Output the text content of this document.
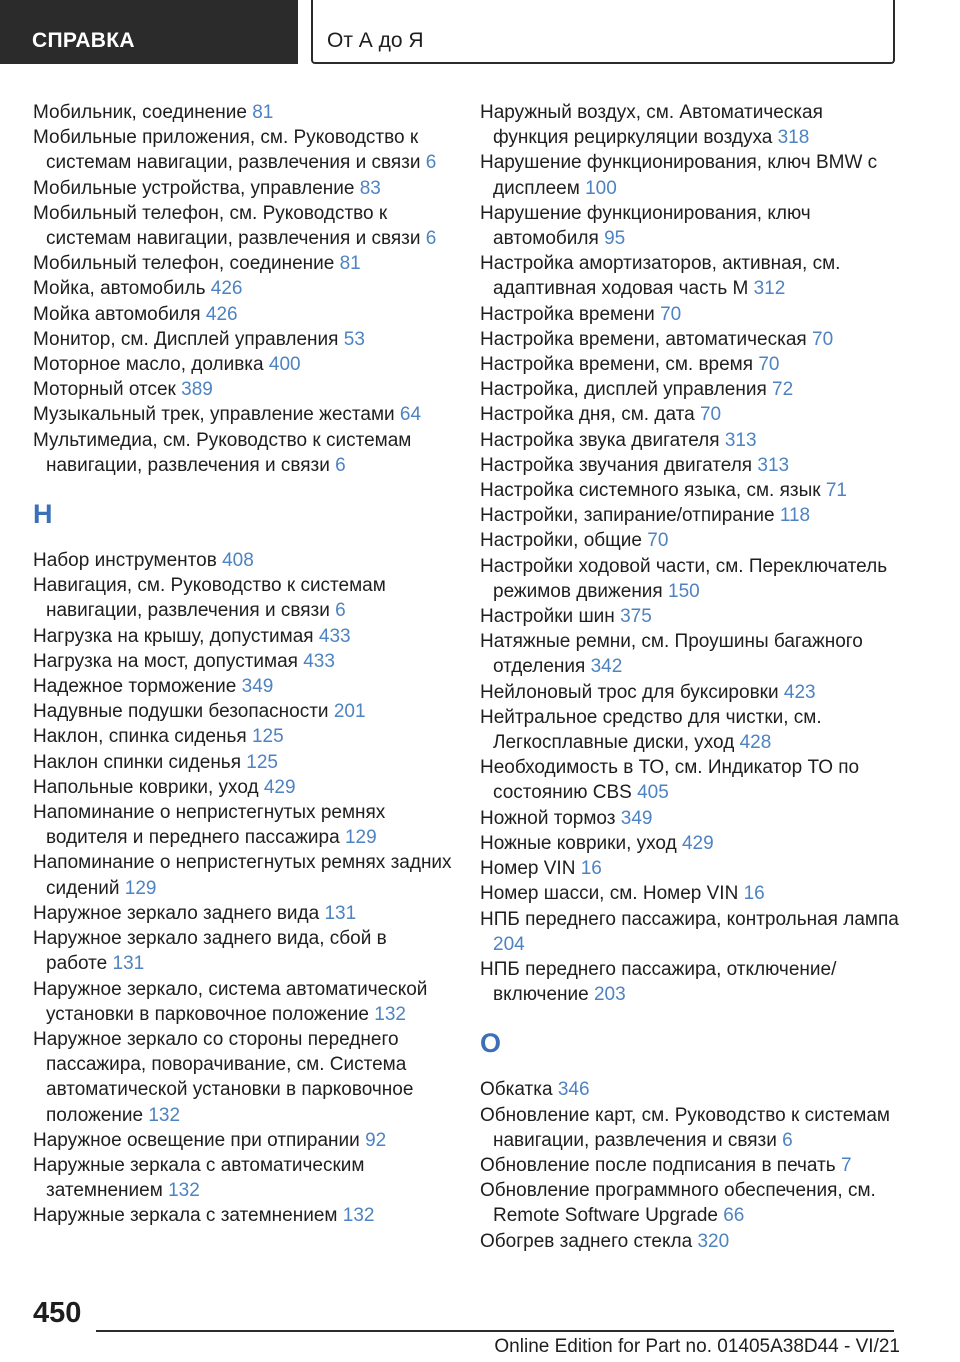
СПРАВКА	От А до Я
Мобильник, соединение 81
Мобильные приложения, см. Руководство к системам навигации, развлечения и связи 6
Мобильные устройства, управление 83
Мобильный телефон, см. Руководство к системам навигации, развлечения и связи 6
Мобильный телефон, соединение 81
Мойка, автомобиль 426
Мойка автомобиля 426
Монитор, см. Дисплей управления 53
Моторное масло, доливка 400
Моторный отсек 389
Музыкальный трек, управление жестами 64
Мультимедиа, см. Руководство к системам навигации, развлечения и связи 6
Н
Набор инструментов 408
Навигация, см. Руководство к системам навигации, развлечения и связи 6
Нагрузка на крышу, допустимая 433
Нагрузка на мост, допустимая 433
Надежное торможение 349
Надувные подушки безопасности 201
Наклон, спинка сиденья 125
Наклон спинки сиденья 125
Напольные коврики, уход 429
Напоминание о непристегнутых ремнях водителя и переднего пассажира 129
Напоминание о непристегнутых ремнях задних сидений 129
Наружное зеркало заднего вида 131
Наружное зеркало заднего вида, сбой в работе 131
Наружное зеркало, система автоматической установки в парковочное положение 132
Наружное зеркало со стороны переднего пассажира, поворачивание, см. Система автоматической установки в парковочное положение 132
Наружное освещение при отпирании 92
Наружные зеркала с автоматическим затемнением 132
Наружные зеркала с затемнением 132
Наружный воздух, см. Автоматическая функция рециркуляции воздуха 318
Нарушение функционирования, ключ BMW с дисплеем 100
Нарушение функционирования, ключ автомобиля 95
Настройка амортизаторов, активная, см. адаптивная ходовая часть M 312
Настройка времени 70
Настройка времени, автоматическая 70
Настройка времени, см. время 70
Настройка, дисплей управления 72
Настройка дня, см. дата 70
Настройка звука двигателя 313
Настройка звучания двигателя 313
Настройка системного языка, см. язык 71
Настройки, запирание/отпирание 118
Настройки, общие 70
Настройки ходовой части, см. Переключатель режимов движения 150
Настройки шин 375
Натяжные ремни, см. Проушины багажного отделения 342
Нейлоновый трос для буксировки 423
Нейтральное средство для чистки, см. Легкосплавные диски, уход 428
Необходимость в ТО, см. Индикатор ТО по состоянию CBS 405
Ножной тормоз 349
Ножные коврики, уход 429
Номер VIN 16
Номер шасси, см. Номер VIN 16
НПБ переднего пассажира, контрольная лампа 204
НПБ переднего пассажира, отключение/включение 203
О
Обкатка 346
Обновление карт, см. Руководство к системам навигации, развлечения и связи 6
Обновление после подписания в печать 7
Обновление программного обеспечения, см. Remote Software Upgrade 66
Обогрев заднего стекла 320
450
Online Edition for Part no. 01405A38D44 - VI/21
